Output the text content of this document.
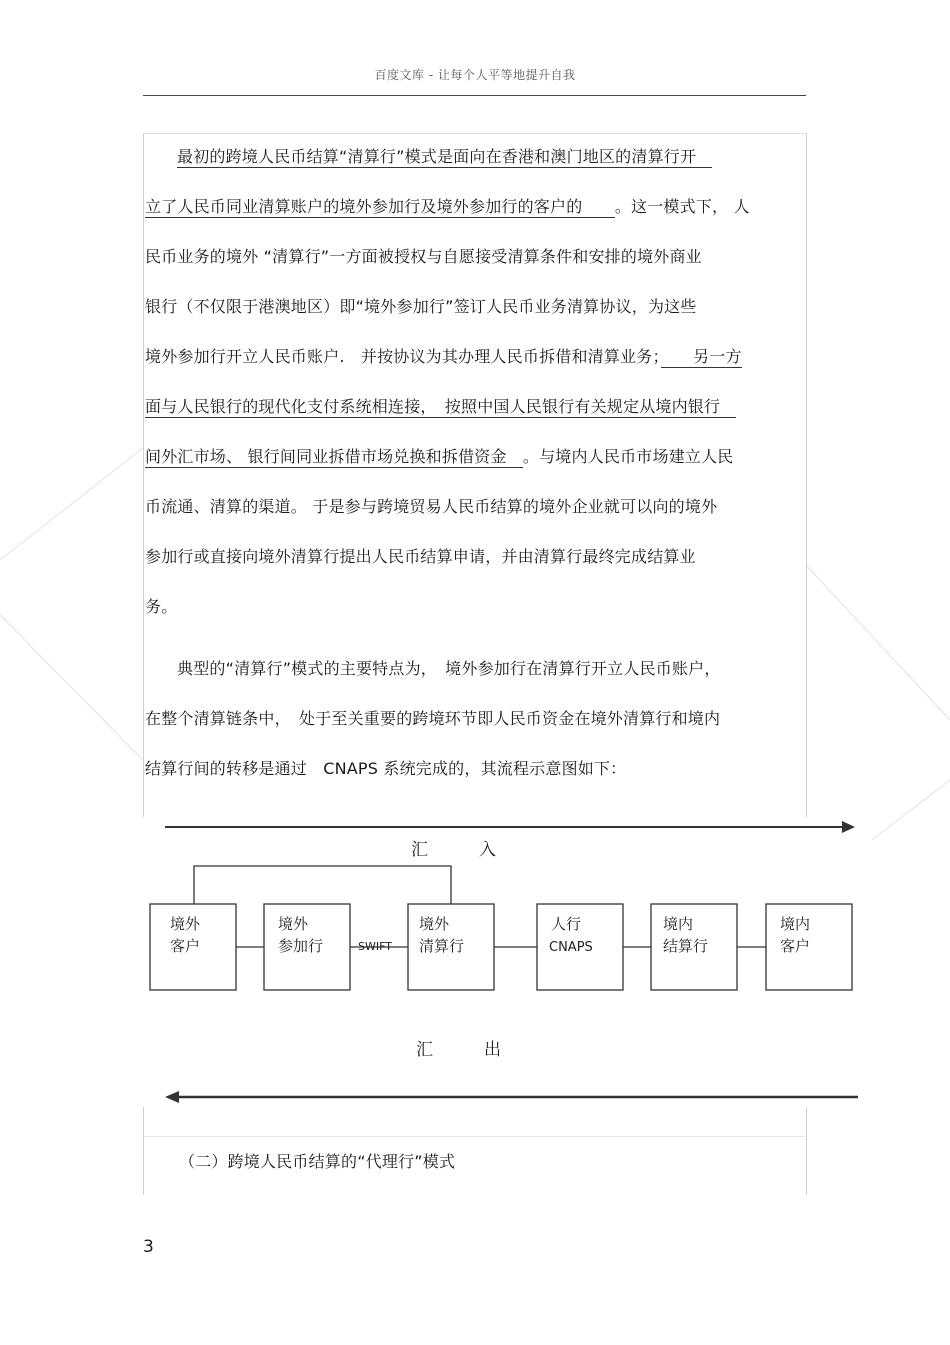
百度文库 - 让每个人平等地提升自我
最初的跨境人民币结算“清算行”模式是面向在香港和澳门地区的清算行开　
立了人民币同业清算账户的境外参加行及境外参加行的客户的　　 。这一模式下， 人
民币业务的境外 “清算行”一方面被授权与自愿接受清算条件和安排的境外商业
银行（不仅限于港澳地区）即“境外参加行”签订人民币业务清算协议，为这些
境外参加行开立人民币账户.　并按协议为其办理人民币拆借和清算业务；　　 另一方
面与人民银行的现代化支付系统相连接，　按照中国人民银行有关规定从境内银行　
间外汇市场、 银行间同业拆借市场兑换和拆借资金　 。与境内人民币市场建立人民
币流通、清算的渠道。 于是参与跨境贸易人民币结算的境外企业就可以向的境外
参加行或直接向境外清算行提出人民币结算申请，并由清算行最终完成结算业
务。
典型的“清算行”模式的主要特点为，　境外参加行在清算行开立人民币账户，
在整个清算链条中，　处于至关重要的跨境环节即人民币资金在境外清算行和境内
结算行间的转移是通过　CNAPS 系统完成的，其流程示意图如下：
汇　　　入
SWIFT
境外
客户
境外
参加行
境外
清算行
人行
CNAPS
境内
结算行
境内
客户
汇　　　出
（二）跨境人民币结算的“代理行”模式
3
